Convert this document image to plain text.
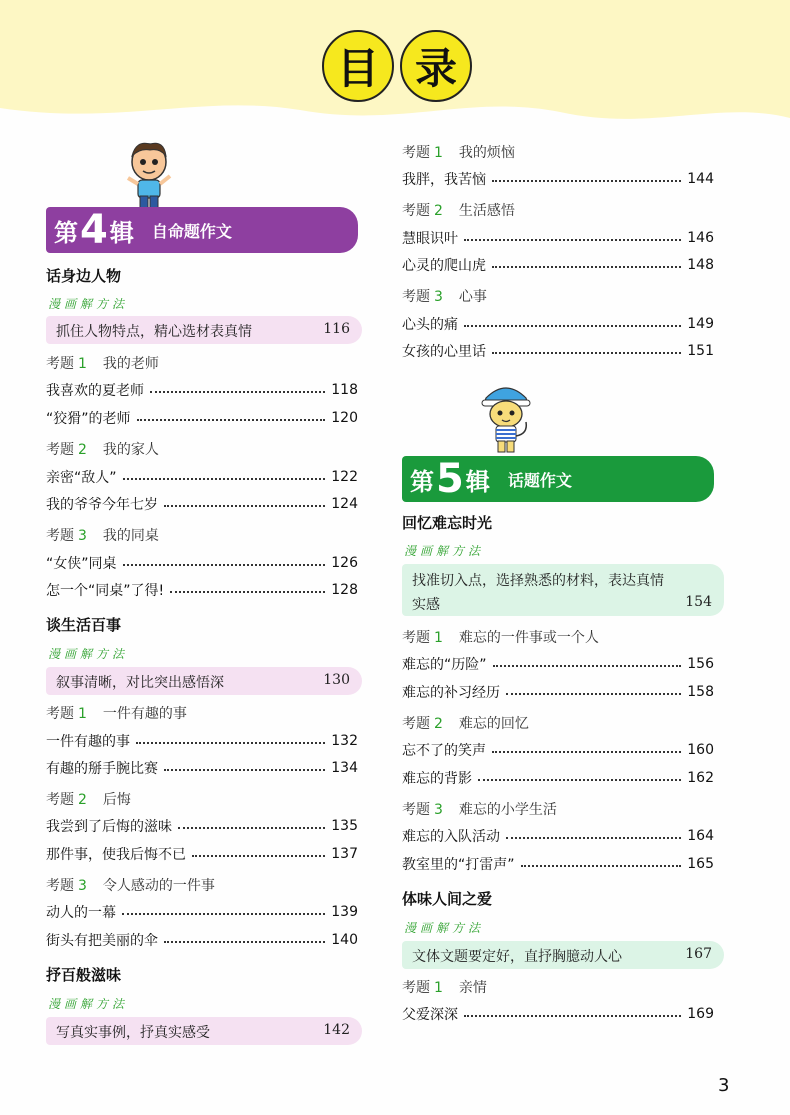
目 录
第 4 辑 自命题作文
话身边人物
漫画解方法
抓住人物特点，精心选材表真情	116
考题 1 我的老师
我喜欢的夏老师	118
“狡猾”的老师	120
考题 2 我的家人
亲密“敌人”	122
我的爷爷今年七岁	124
考题 3 我的同桌
“女侠”同桌	126
怎一个“同桌”了得!	128
谈生活百事
漫画解方法
叙事清晰，对比突出感悟深	130
考题 1 一件有趣的事
一件有趣的事	132
有趣的掰手腕比赛	134
考题 2 后悔
我尝到了后悔的滋味	135
那件事，使我后悔不已	137
考题 3 令人感动的一件事
动人的一幕	139
街头有把美丽的伞	140
抒百般滋味
漫画解方法
写真实事例，抒真实感受	142
考题 1 我的烦恼
我胖，我苦恼	144
考题 2 生活感悟
慧眼识叶	146
心灵的爬山虎	148
考题 3 心事
心头的痛	149
女孩的心里话	151
第 5 辑 话题作文
回忆难忘时光
漫画解方法
找准切入点，选择熟悉的材料，表达真情
实感	154
考题 1 难忘的一件事或一个人
难忘的“历险”	156
难忘的补习经历	158
考题 2 难忘的回忆
忘不了的笑声	160
难忘的背影	162
考题 3 难忘的小学生活
难忘的入队活动	164
教室里的“打雷声”	165
体味人间之爱
漫画解方法
文体文题要定好，直抒胸臆动人心	167
考题 1 亲情
父爱深深	169
3
